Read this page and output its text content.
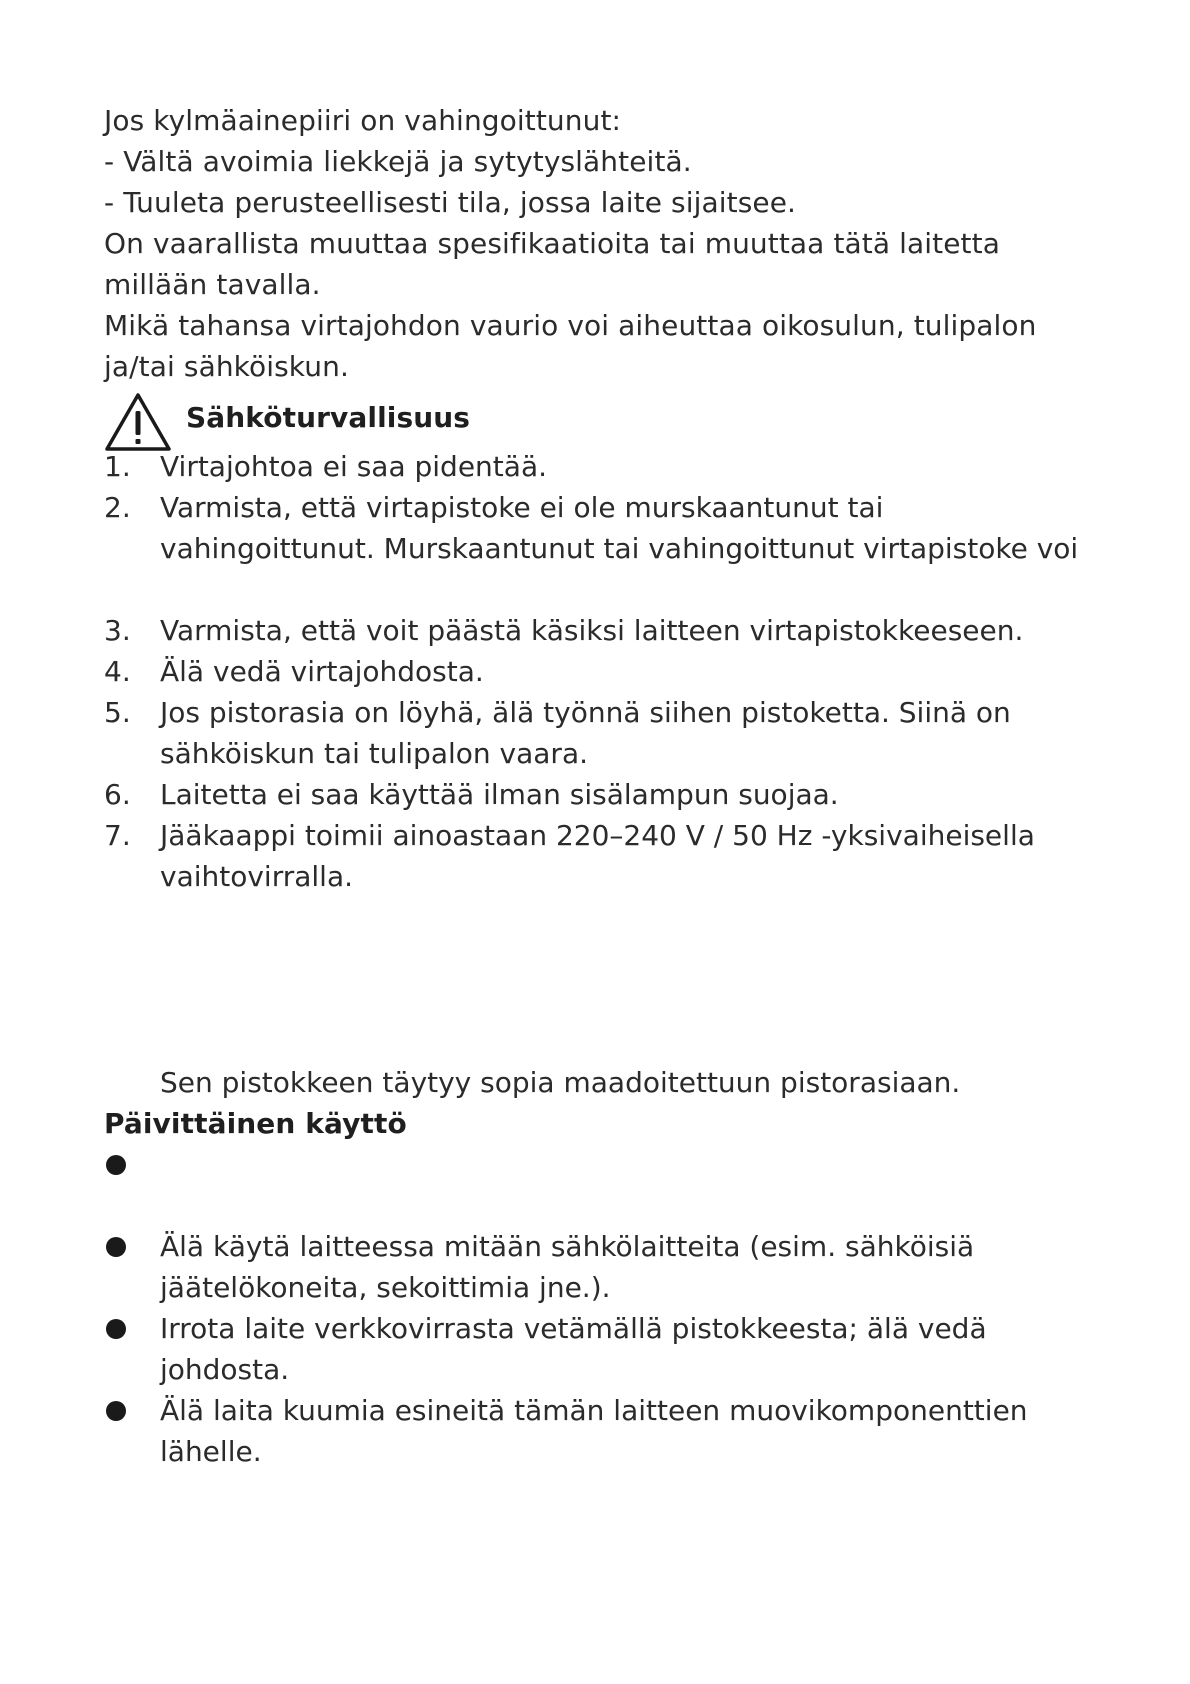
Jos kylmäainepiiri on vahingoittunut:
- Vältä avoimia liekkejä ja sytytyslähteitä.
- Tuuleta perusteellisesti tila, jossa laite sijaitsee.
On vaarallista muuttaa spesifikaatioita tai muuttaa tätä laitetta
millään tavalla.
Mikä tahansa virtajohdon vaurio voi aiheuttaa oikosulun, tulipalon
ja/tai sähköiskun.
Sähköturvallisuus
1. Virtajohtoa ei saa pidentää.
2. Varmista, että virtapistoke ei ole murskaantunut tai
vahingoittunut. Murskaantunut tai vahingoittunut virtapistoke voi
3. Varmista, että voit päästä käsiksi laitteen virtapistokkeeseen.
4. Älä vedä virtajohdosta.
5. Jos pistorasia on löyhä, älä työnnä siihen pistoketta. Siinä on
sähköiskun tai tulipalon vaara.
6. Laitetta ei saa käyttää ilman sisälampun suojaa.
7. Jääkaappi toimii ainoastaan 220–240 V / 50 Hz -yksivaiheisella
vaihtovirralla.
Sen pistokkeen täytyy sopia maadoitettuun pistorasiaan.
Päivittäinen käyttö
Älä käytä laitteessa mitään sähkölaitteita (esim. sähköisiä
jäätelökoneita, sekoittimia jne.).
Irrota laite verkkovirrasta vetämällä pistokkeesta; älä vedä
johdosta.
Älä laita kuumia esineitä tämän laitteen muovikomponenttien
lähelle.
